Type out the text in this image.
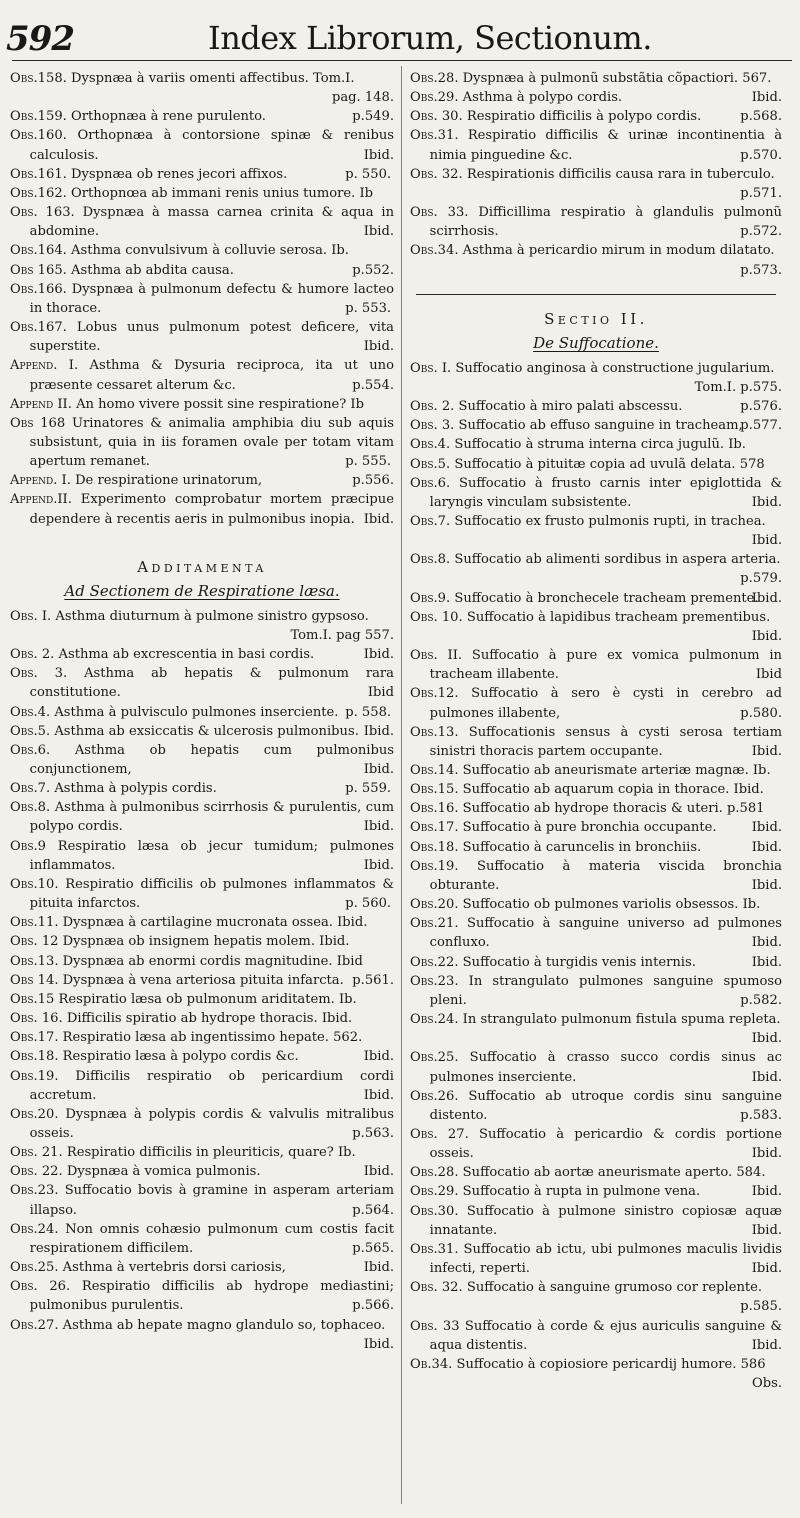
592	Index Librorum, Sectionum.

Obs.158. Dyspnæa à variis omenti affectibus. Tom.I.
pag. 148.

Obs.159. Orthopnæa à rene purulento.	p.549.

Obs.160. Orthopnæa à contorsione spinæ & renibus calculosis.	Ibid.

Obs.161. Dyspnæa ob renes jecori affixos.	p. 550.

Obs.162. Orthopnœa ab immani renis unius tumore. Ib

Obs. 163. Dyspnæa à massa carnea crinita & aqua in abdomine.	Ibid.

Obs.164. Asthma convulsivum à colluvie serosa. Ib.

Obs 165. Asthma ab abdita causa.	p.552.

Obs.166. Dyspnæa à pulmonum defectu & humore lacteo in thorace.	p. 553.

Obs.167. Lobus unus pulmonum potest deficere, vita superstite.	Ibid.

Append. I. Asthma & Dysuria reciproca, ita ut uno præsente cessaret alterum &c.	p.554.

Append II. An homo vivere possit sine respiratione? Ib

Obs 168 Urinatores & animalia amphibia diu sub aquis subsistunt, quia in iis foramen ovale per totam vitam apertum remanet.	p. 555.

Append. I. De respiratione urinatorum,	p.556.

Append.II. Experimento comprobatur mortem præcipue dependere à recentis aeris in pulmonibus inopia. Ibid.

Additamenta
Ad Sectionem de Respiratione læsa.

Obs. I. Asthma diuturnum à pulmone sinistro gypsoso.
Tom.I. pag 557.

Obs. 2. Asthma ab excrescentia in basi cordis.	Ibid.

Obs. 3. Asthma ab hepatis & pulmonum rara constitutione.	Ibid

Obs.4. Asthma à pulvisculo pulmones inserciente. p. 558.

Obs.5. Asthma ab exsiccatis & ulcerosis pulmonibus. Ibid.

Obs.6. Asthma ob hepatis cum pulmonibus conjunctionem,	Ibid.

Obs.7. Asthma à polypis cordis.	p. 559.

Obs.8. Asthma à pulmonibus scirrhosis & purulentis, cum polypo cordis.	Ibid.

Obs.9 Respiratio læsa ob jecur tumidum; pulmones inflammatos.	Ibid.

Obs.10. Respiratio difficilis ob pulmones inflammatos & pituita infarctos.	p. 560.

Obs.11. Dyspnæa à cartilagine mucronata ossea. Ibid.

Obs. 12 Dyspnæa ob insignem hepatis molem. Ibid.

Obs.13. Dyspnæa ab enormi cordis magnitudine. Ibid

Obs 14. Dyspnæa à vena arteriosa pituita infarcta. p.561.

Obs.15 Respiratio læsa ob pulmonum ariditatem. Ib.

Obs. 16. Difficilis spiratio ab hydrope thoracis. Ibid.

Obs.17. Respiratio læsa ab ingentissimo hepate. 562.

Obs.18. Respiratio læsa à polypo cordis &c.	Ibid.

Obs.19. Difficilis respiratio ob pericardium cordi accretum.	Ibid.

Obs.20. Dyspnæa à polypis cordis & valvulis mitralibus osseis.	p.563.

Obs. 21. Respiratio difficilis in pleuriticis, quare? Ib.

Obs. 22. Dyspnæa à vomica pulmonis.	Ibid.

Obs.23. Suffocatio bovis à gramine in asperam arteriam illapso.	p.564.

Obs.24. Non omnis cohæsio pulmonum cum costis facit respirationem difficilem.	p.565.

Obs.25. Asthma à vertebris dorsi cariosis,	Ibid.

Obs. 26. Respiratio difficilis ab hydrope mediastini; pulmonibus purulentis.	p.566.

Obs.27. Asthma ab hepate magno glandulo so, tophaceo.
Ibid.

Obs.28. Dyspnæa à pulmonũ substãtia cõpactiori. 567.

Obs.29. Asthma à polypo cordis.	Ibid.

Obs. 30. Respiratio difficilis à polypo cordis.	p.568.

Obs.31. Respiratio difficilis & urinæ incontinentia à nimia pinguedine &c.	p.570.

Obs. 32. Respirationis difficilis causa rara in tuberculo.
p.571.

Obs. 33. Difficillima respiratio à glandulis pulmonũ scirrhosis.	p.572.

Obs.34. Asthma à pericardio mirum in modum dilatato.
p.573.

Sectio II.
De Suffocatione.

Obs. I. Suffocatio anginosa à constructione jugularium.
Tom.I. p.575.

Obs. 2. Suffocatio à miro palati abscessu.	p.576.

Obs. 3. Suffocatio ab effuso sanguine in tracheam,
p.577.

Obs.4. Suffocatio à struma interna circa jugulũ. Ib.

Obs.5. Suffocatio à pituitæ copia ad uvulã delata. 578

Obs.6. Suffocatio à frusto carnis inter epiglottida & laryngis vinculam subsistente.	Ibid.

Obs.7. Suffocatio ex frusto pulmonis rupti, in trachea.
Ibid.

Obs.8. Suffocatio ab alimenti sordibus in aspera arteria.
p.579.

Obs.9. Suffocatio à bronchecele tracheam prementе.
Ibid.

Obs. 10. Suffocatio à lapidibus tracheam prementibus.
Ibid.

Obs. II. Suffocatio à pure ex vomica pulmonum in tracheam illabente.	Ibid

Obs.12. Suffocatio à sero è cysti in cerebro ad pulmones illabente,	p.580.

Obs.13. Suffocationis sensus à cysti serosa tertiam sinistri thoracis partem occupante.	Ibid.

Obs.14. Suffocatio ab aneurismate arteriæ magnæ. Ib.

Obs.15. Suffocatio ab aquarum copia in thorace. Ibid.

Obs.16. Suffocatio ab hydrope thoracis & uteri. p.581

Obs.17. Suffocatio à pure bronchia occupante.	Ibid.

Obs.18. Suffocatio à caruncelis in bronchiis.	Ibid.

Obs.19. Suffocatio à materia viscida bronchia obturante.	Ibid.

Obs.20. Suffocatio ob pulmones variolis obsessos. Ib.

Obs.21. Suffocatio à sanguine universo ad pulmones confluxo.	Ibid.

Obs.22. Suffocatio à turgidis venis internis.	Ibid.

Obs.23. In strangulato pulmones sanguine spumoso pleni.	p.582.

Obs.24. In strangulato pulmonum fistula spuma repleta.
Ibid.

Obs.25. Suffocatio à crasso succo cordis sinus ac pulmones inserciente.	Ibid.

Obs.26. Suffocatio ab utroque cordis sinu sanguine distento.	p.583.

Obs. 27. Suffocatio à pericardio & cordis portione osseis.	Ibid.

Obs.28. Suffocatio ab aortæ aneurismate aperto. 584.

Obs.29. Suffocatio à rupta in pulmone vena.	Ibid.

Obs.30. Suffocatio à pulmone sinistro copiosæ aquæ innatante.	Ibid.

Obs.31. Suffocatio ab ictu, ubi pulmones maculis lividis infecti, reperti.	Ibid.

Obs. 32. Suffocatio à sanguine grumoso cor replente.
p.585.

Obs. 33 Suffocatio à corde & ejus auriculis sanguine & aqua distentis.	Ibid.

Ob.34. Suffocatio à copiosiore pericardij humore. 586

Obs.
